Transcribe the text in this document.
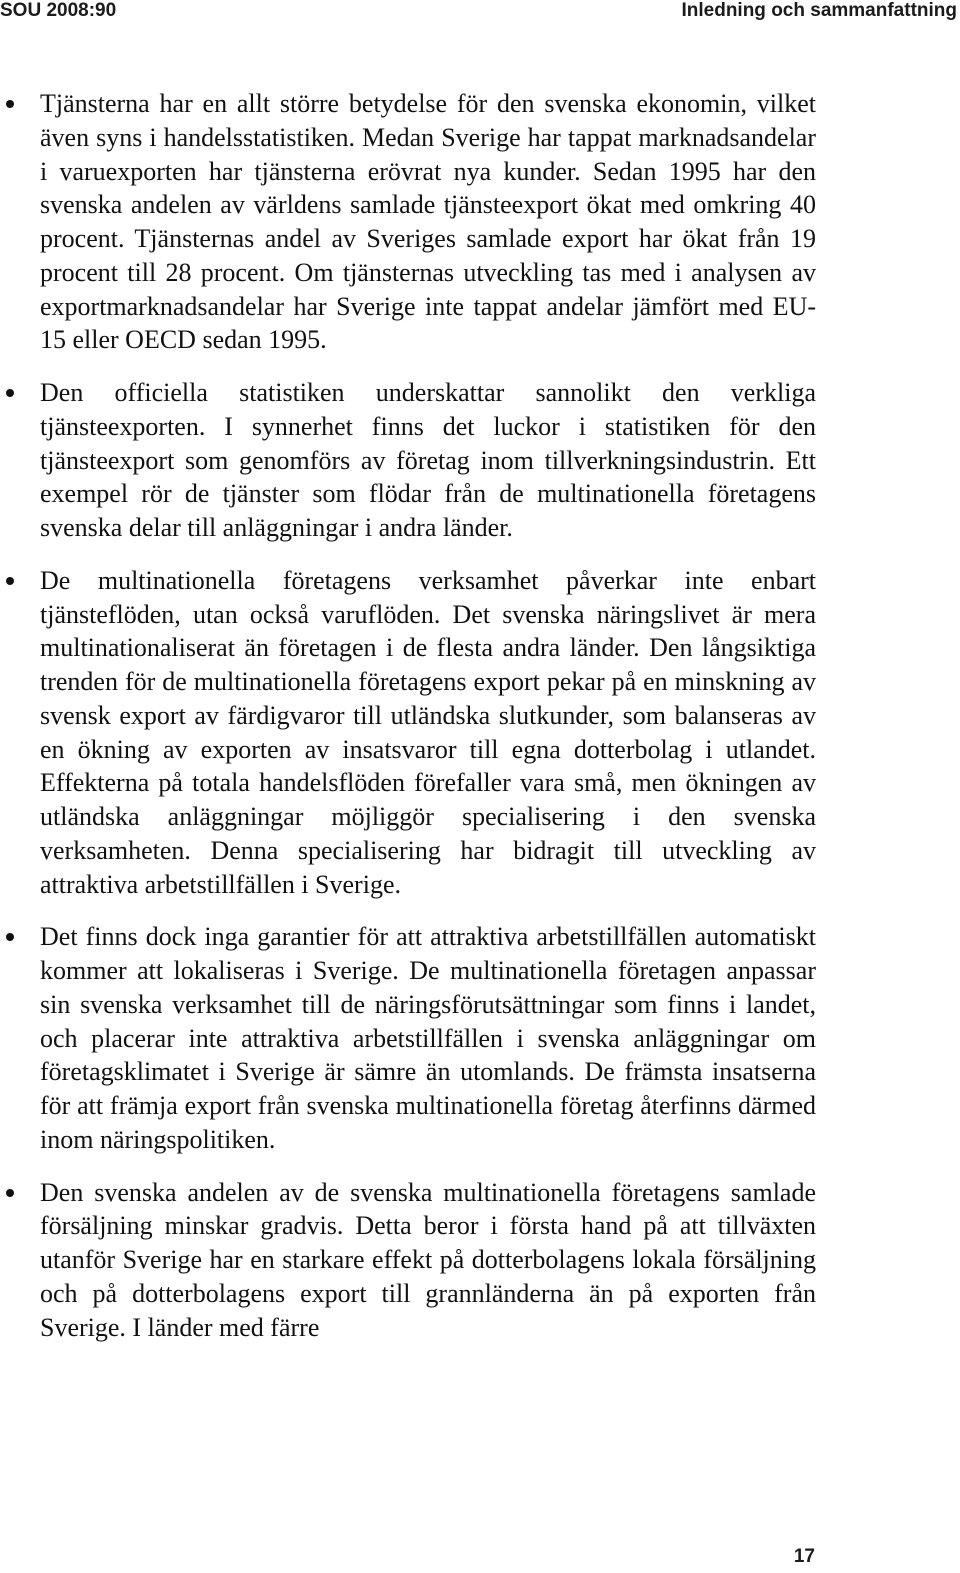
SOU 2008:90	Inledning och sammanfattning
Tjänsterna har en allt större betydelse för den svenska ekonomin, vilket även syns i handelsstatistiken. Medan Sverige har tappat marknadsandelar i varuexporten har tjänsterna erövrat nya kunder. Sedan 1995 har den svenska andelen av världens samlade tjänsteexport ökat med omkring 40 procent. Tjänsternas andel av Sveriges samlade export har ökat från 19 procent till 28 procent. Om tjänsternas utveckling tas med i analysen av exportmarknadsandelar har Sverige inte tappat andelar jämfört med EU-15 eller OECD sedan 1995.
Den officiella statistiken underskattar sannolikt den verkliga tjänsteexporten. I synnerhet finns det luckor i statistiken för den tjänsteexport som genomförs av företag inom tillverkningsindustrin. Ett exempel rör de tjänster som flödar från de multinationella företagens svenska delar till anläggningar i andra länder.
De multinationella företagens verksamhet påverkar inte enbart tjänsteflöden, utan också varuflöden. Det svenska näringslivet är mera multinationaliserat än företagen i de flesta andra länder. Den långsiktiga trenden för de multinationella företagens export pekar på en minskning av svensk export av färdigvaror till utländska slutkunder, som balanseras av en ökning av exporten av insatsvaror till egna dotterbolag i utlandet. Effekterna på totala handelsflöden förefaller vara små, men ökningen av utländska anläggningar möjliggör specialisering i den svenska verksamheten. Denna specialisering har bidragit till utveckling av attraktiva arbetstillfällen i Sverige.
Det finns dock inga garantier för att attraktiva arbetstillfällen automatiskt kommer att lokaliseras i Sverige. De multinationella företagen anpassar sin svenska verksamhet till de näringsförutsättningar som finns i landet, och placerar inte attraktiva arbetstillfällen i svenska anläggningar om företagsklimatet i Sverige är sämre än utomlands. De främsta insatserna för att främja export från svenska multinationella företag återfinns därmed inom näringspolitiken.
Den svenska andelen av de svenska multinationella företagens samlade försäljning minskar gradvis. Detta beror i första hand på att tillväxten utanför Sverige har en starkare effekt på dotterbolagens lokala försäljning och på dotterbolagens export till grannländerna än på exporten från Sverige. I länder med färre
17
